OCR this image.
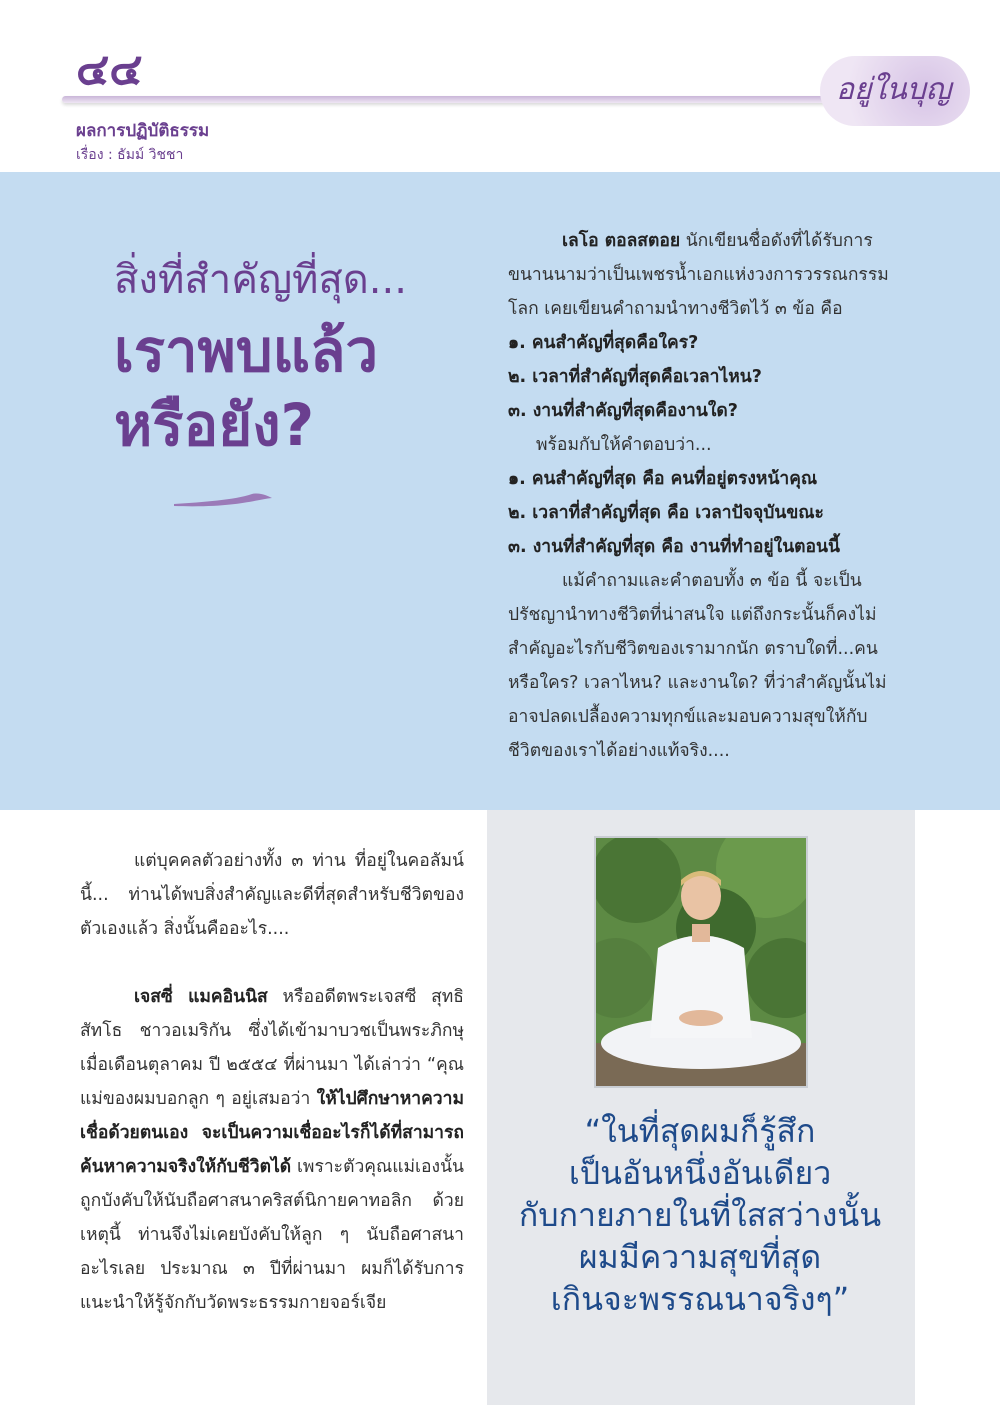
๔๔	อยู่ในบุญ
ผลการปฏิบัติธรรม
เรื่อง : ธัมม์ วิชชา
สิ่งที่สำคัญที่สุด...
เราพบแล้ว
หรือยัง?

เลโอ ตอลสตอย นักเขียนชื่อดังที่ได้รับการขนานนามว่าเป็นเพชรน้ำเอกแห่งวงการวรรณกรรมโลก เคยเขียนคำถามนำทางชีวิตไว้ ๓ ข้อ คือ

๑. คนสำคัญที่สุดคือใคร?

๒. เวลาที่สำคัญที่สุดคือเวลาไหน?

๓. งานที่สำคัญที่สุดคืองานใด?

พร้อมกับให้คำตอบว่า...

๑. คนสำคัญที่สุด คือ คนที่อยู่ตรงหน้าคุณ

๒. เวลาที่สำคัญที่สุด คือ เวลาปัจจุบันขณะ

๓. งานที่สำคัญที่สุด คือ งานที่ทำอยู่ในตอนนี้

แม้คำถามและคำตอบทั้ง ๓ ข้อ นี้ จะเป็นปรัชญานำทางชีวิตที่น่าสนใจ แต่ถึงกระนั้นก็คงไม่สำคัญอะไรกับชีวิตของเรามากนัก ตราบใดที่...คนหรือใคร? เวลาไหน? และงานใด? ที่ว่าสำคัญนั้นไม่อาจปลดเปลื้องความทุกข์และมอบความสุขให้กับชีวิตของเราได้อย่างแท้จริง....

แต่บุคคลตัวอย่างทั้ง ๓ ท่าน ที่อยู่ในคอลัมน์นี้... ท่านได้พบสิ่งสำคัญและดีที่สุดสำหรับชีวิตของตัวเองแล้ว สิ่งนั้นคืออะไร....

เจสซี่ แมคอินนิส หรืออดีตพระเจสซี สุทธิสัทโธ ชาวอเมริกัน ซึ่งได้เข้ามาบวชเป็นพระภิกษุเมื่อเดือนตุลาคม ปี ๒๕๕๔ ที่ผ่านมา ได้เล่าว่า “คุณแม่ของผมบอกลูก ๆ อยู่เสมอว่า ให้ไปศึกษาหาความเชื่อด้วยตนเอง จะเป็นความเชื่ออะไรก็ได้ที่สามารถค้นหาความจริงให้กับชีวิตได้ เพราะตัวคุณแม่เองนั้นถูกบังคับให้นับถือศาสนาคริสต์นิกายคาทอลิก ด้วยเหตุนี้ ท่านจึงไม่เคยบังคับให้ลูก ๆ นับถือศาสนาอะไรเลย ประมาณ ๓ ปีที่ผ่านมา ผมก็ได้รับการแนะนำให้รู้จักกับวัดพระธรรมกายจอร์เจีย

“ในที่สุดผมก็รู้สึก
เป็นอันหนึ่งอันเดียว
กับกายภายในที่ใสสว่างนั้น
ผมมีความสุขที่สุด
เกินจะพรรณนาจริงๆ”
